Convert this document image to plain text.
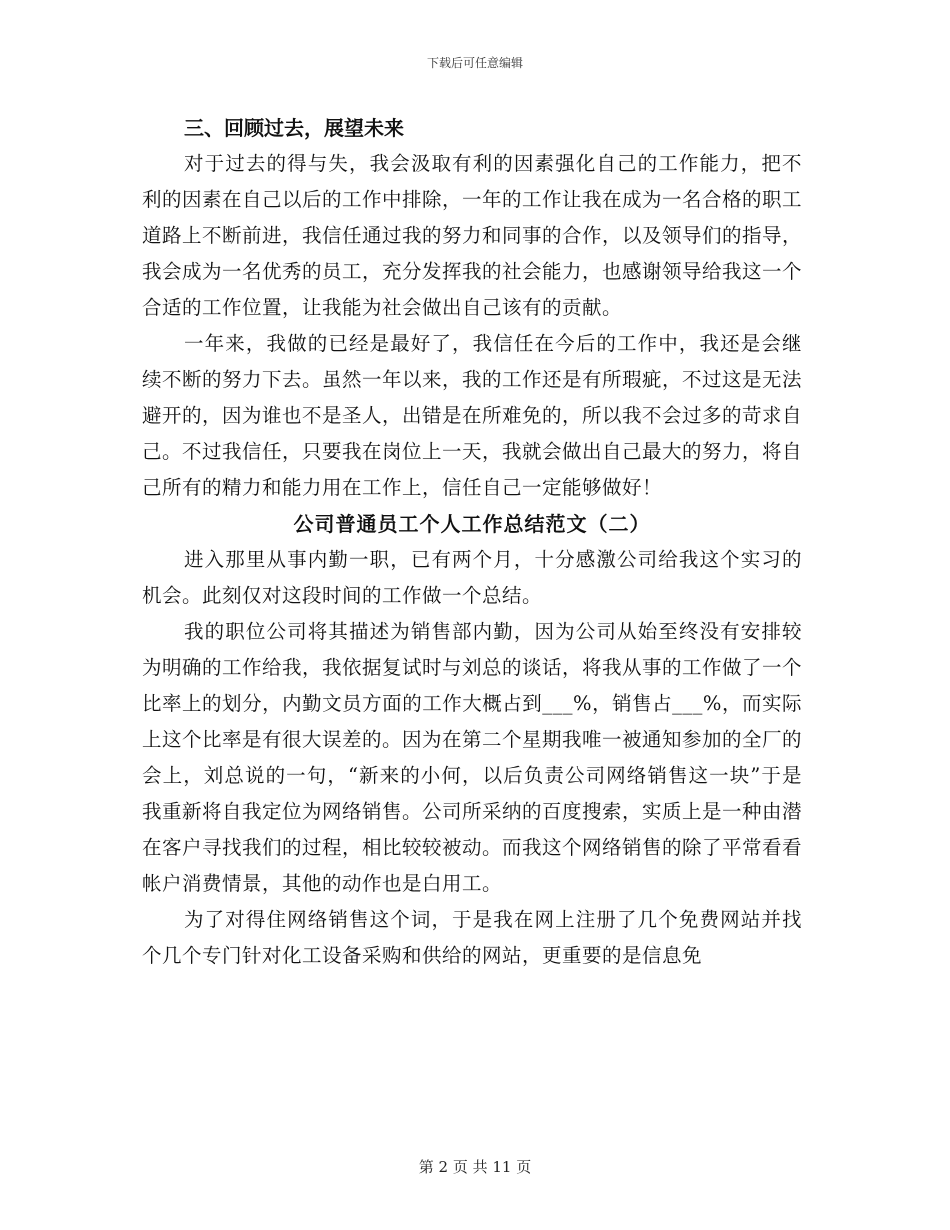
下载后可任意编辑

三、回顾过去，展望未来

对于过去的得与失，我会汲取有利的因素强化自己的工作能力，把不利的因素在自己以后的工作中排除，一年的工作让我在成为一名合格的职工道路上不断前进，我信任通过我的努力和同事的合作，以及领导们的指导，我会成为一名优秀的员工，充分发挥我的社会能力，也感谢领导给我这一个合适的工作位置，让我能为社会做出自己该有的贡献。

一年来，我做的已经是最好了，我信任在今后的工作中，我还是会继续不断的努力下去。虽然一年以来，我的工作还是有所瑕疵，不过这是无法避开的，因为谁也不是圣人，出错是在所难免的，所以我不会过多的苛求自己。不过我信任，只要我在岗位上一天，我就会做出自己最大的努力，将自己所有的精力和能力用在工作上，信任自己一定能够做好！

公司普通员工个人工作总结范文（二）

进入那里从事内勤一职，已有两个月，十分感激公司给我这个实习的机会。此刻仅对这段时间的工作做一个总结。

我的职位公司将其描述为销售部内勤，因为公司从始至终没有安排较为明确的工作给我，我依据复试时与刘总的谈话，将我从事的工作做了一个比率上的划分，内勤文员方面的工作大概占到___%，销售占___%，而实际上这个比率是有很大误差的。因为在第二个星期我唯一被通知参加的全厂的会上，刘总说的一句，“新来的小何，以后负责公司网络销售这一块”于是我重新将自我定位为网络销售。公司所采纳的百度搜索，实质上是一种由潜在客户寻找我们的过程，相比较较被动。而我这个网络销售的除了平常看看帐户消费情景，其他的动作也是白用工。

为了对得住网络销售这个词，于是我在网上注册了几个免费网站并找个几个专门针对化工设备采购和供给的网站，更重要的是信息免

第 2 页 共 11 页
